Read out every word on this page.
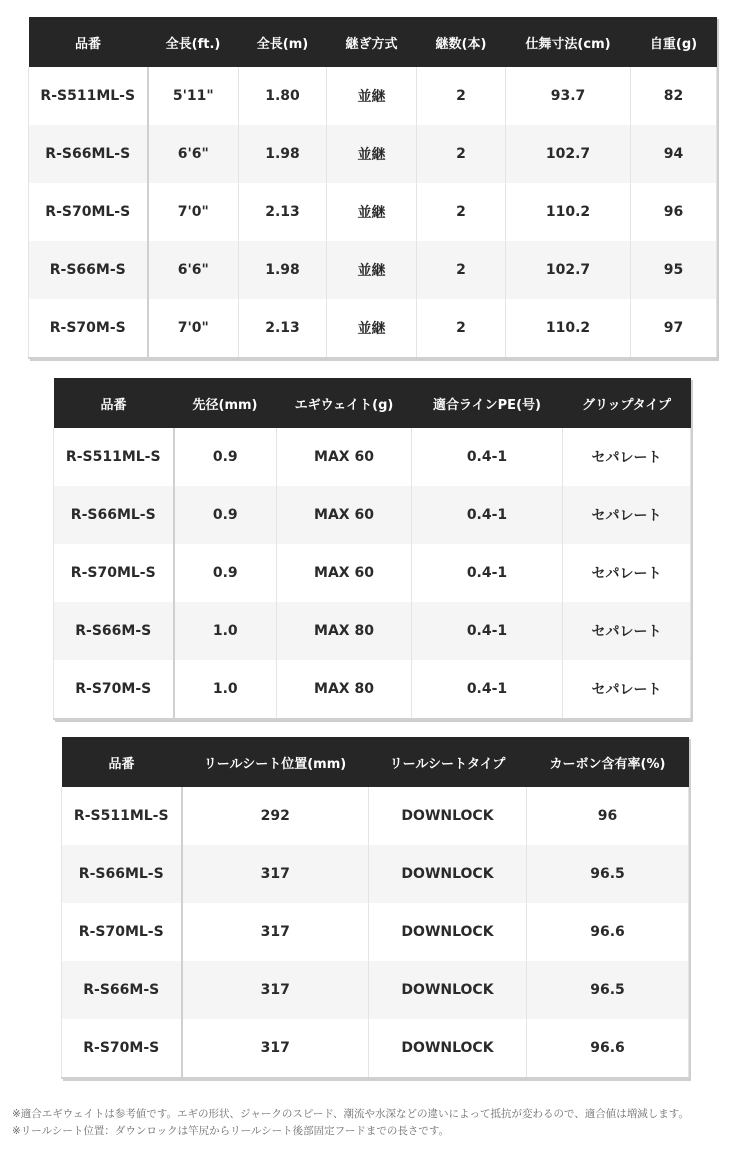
品番	全長(ft.)	全長(m)	継ぎ方式	継数(本)	仕舞寸法(cm)	自重(g)
R-S511ML-S	5'11"	1.80	並継	2	93.7	82
R-S66ML-S	6'6"	1.98	並継	2	102.7	94
R-S70ML-S	7'0"	2.13	並継	2	110.2	96
R-S66M-S	6'6"	1.98	並継	2	102.7	95
R-S70M-S	7'0"	2.13	並継	2	110.2	97
品番	先径(mm)	エギウェイト(g)	適合ラインPE(号)	グリップタイプ
R-S511ML-S	0.9	MAX 60	0.4-1	セパレート
R-S66ML-S	0.9	MAX 60	0.4-1	セパレート
R-S70ML-S	0.9	MAX 60	0.4-1	セパレート
R-S66M-S	1.0	MAX 80	0.4-1	セパレート
R-S70M-S	1.0	MAX 80	0.4-1	セパレート
品番	リールシート位置(mm)	リールシートタイプ	カーボン含有率(%)
R-S511ML-S	292	DOWNLOCK	96
R-S66ML-S	317	DOWNLOCK	96.5
R-S70ML-S	317	DOWNLOCK	96.6
R-S66M-S	317	DOWNLOCK	96.5
R-S70M-S	317	DOWNLOCK	96.6
※適合エギウェイトは参考値です。エギの形状、ジャークのスピード、潮流や水深などの違いによって抵抗が変わるので、適合値は増減します。
※リールシート位置：ダウンロックは竿尻からリールシート後部固定フードまでの長さです。
